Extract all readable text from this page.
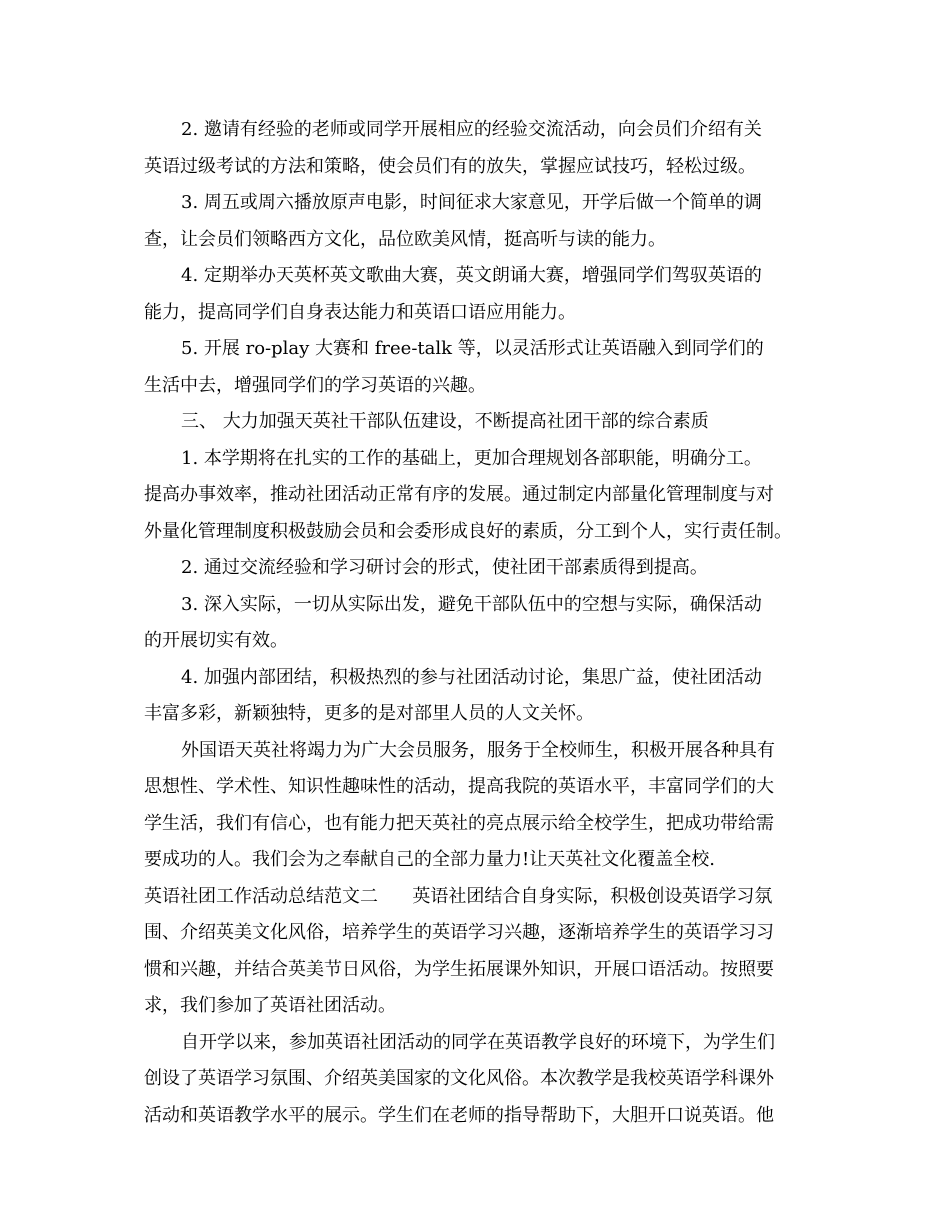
2. 邀请有经验的老师或同学开展相应的经验交流活动，向会员们介绍有关
英语过级考试的方法和策略，使会员们有的放失，掌握应试技巧，轻松过级。
3. 周五或周六播放原声电影，时间征求大家意见，开学后做一个简单的调
查，让会员们领略西方文化，品位欧美风情，挺高听与读的能力。
4. 定期举办天英杯英文歌曲大赛，英文朗诵大赛，增强同学们驾驭英语的
能力，提高同学们自身表达能力和英语口语应用能力。
5. 开展 ro-play 大赛和 free-talk 等，以灵活形式让英语融入到同学们的
生活中去，增强同学们的学习英语的兴趣。
三、 大力加强天英社干部队伍建设，不断提高社团干部的综合素质
1. 本学期将在扎实的工作的基础上，更加合理规划各部职能，明确分工。
提高办事效率，推动社团活动正常有序的发展。通过制定内部量化管理制度与对
外量化管理制度积极鼓励会员和会委形成良好的素质，分工到个人，实行责任制。
2. 通过交流经验和学习研讨会的形式，使社团干部素质得到提高。
3. 深入实际，一切从实际出发，避免干部队伍中的空想与实际，确保活动
的开展切实有效。
4. 加强内部团结，积极热烈的参与社团活动讨论，集思广益，使社团活动
丰富多彩，新颖独特，更多的是对部里人员的人文关怀。
外国语天英社将竭力为广大会员服务，服务于全校师生，积极开展各种具有
思想性、学术性、知识性趣味性的活动，提高我院的英语水平，丰富同学们的大
学生活，我们有信心，也有能力把天英社的亮点展示给全校学生，把成功带给需
要成功的人。我们会为之奉献自己的全部力量力!让天英社文化覆盖全校.
英语社团工作活动总结范文二      英语社团结合自身实际，积极创设英语学习氛
围、介绍英美文化风俗，培养学生的英语学习兴趣，逐渐培养学生的英语学习习
惯和兴趣，并结合英美节日风俗，为学生拓展课外知识，开展口语活动。按照要
求，我们参加了英语社团活动。
自开学以来，参加英语社团活动的同学在英语教学良好的环境下，为学生们
创设了英语学习氛围、介绍英美国家的文化风俗。本次教学是我校英语学科课外
活动和英语教学水平的展示。学生们在老师的指导帮助下，大胆开口说英语。他
